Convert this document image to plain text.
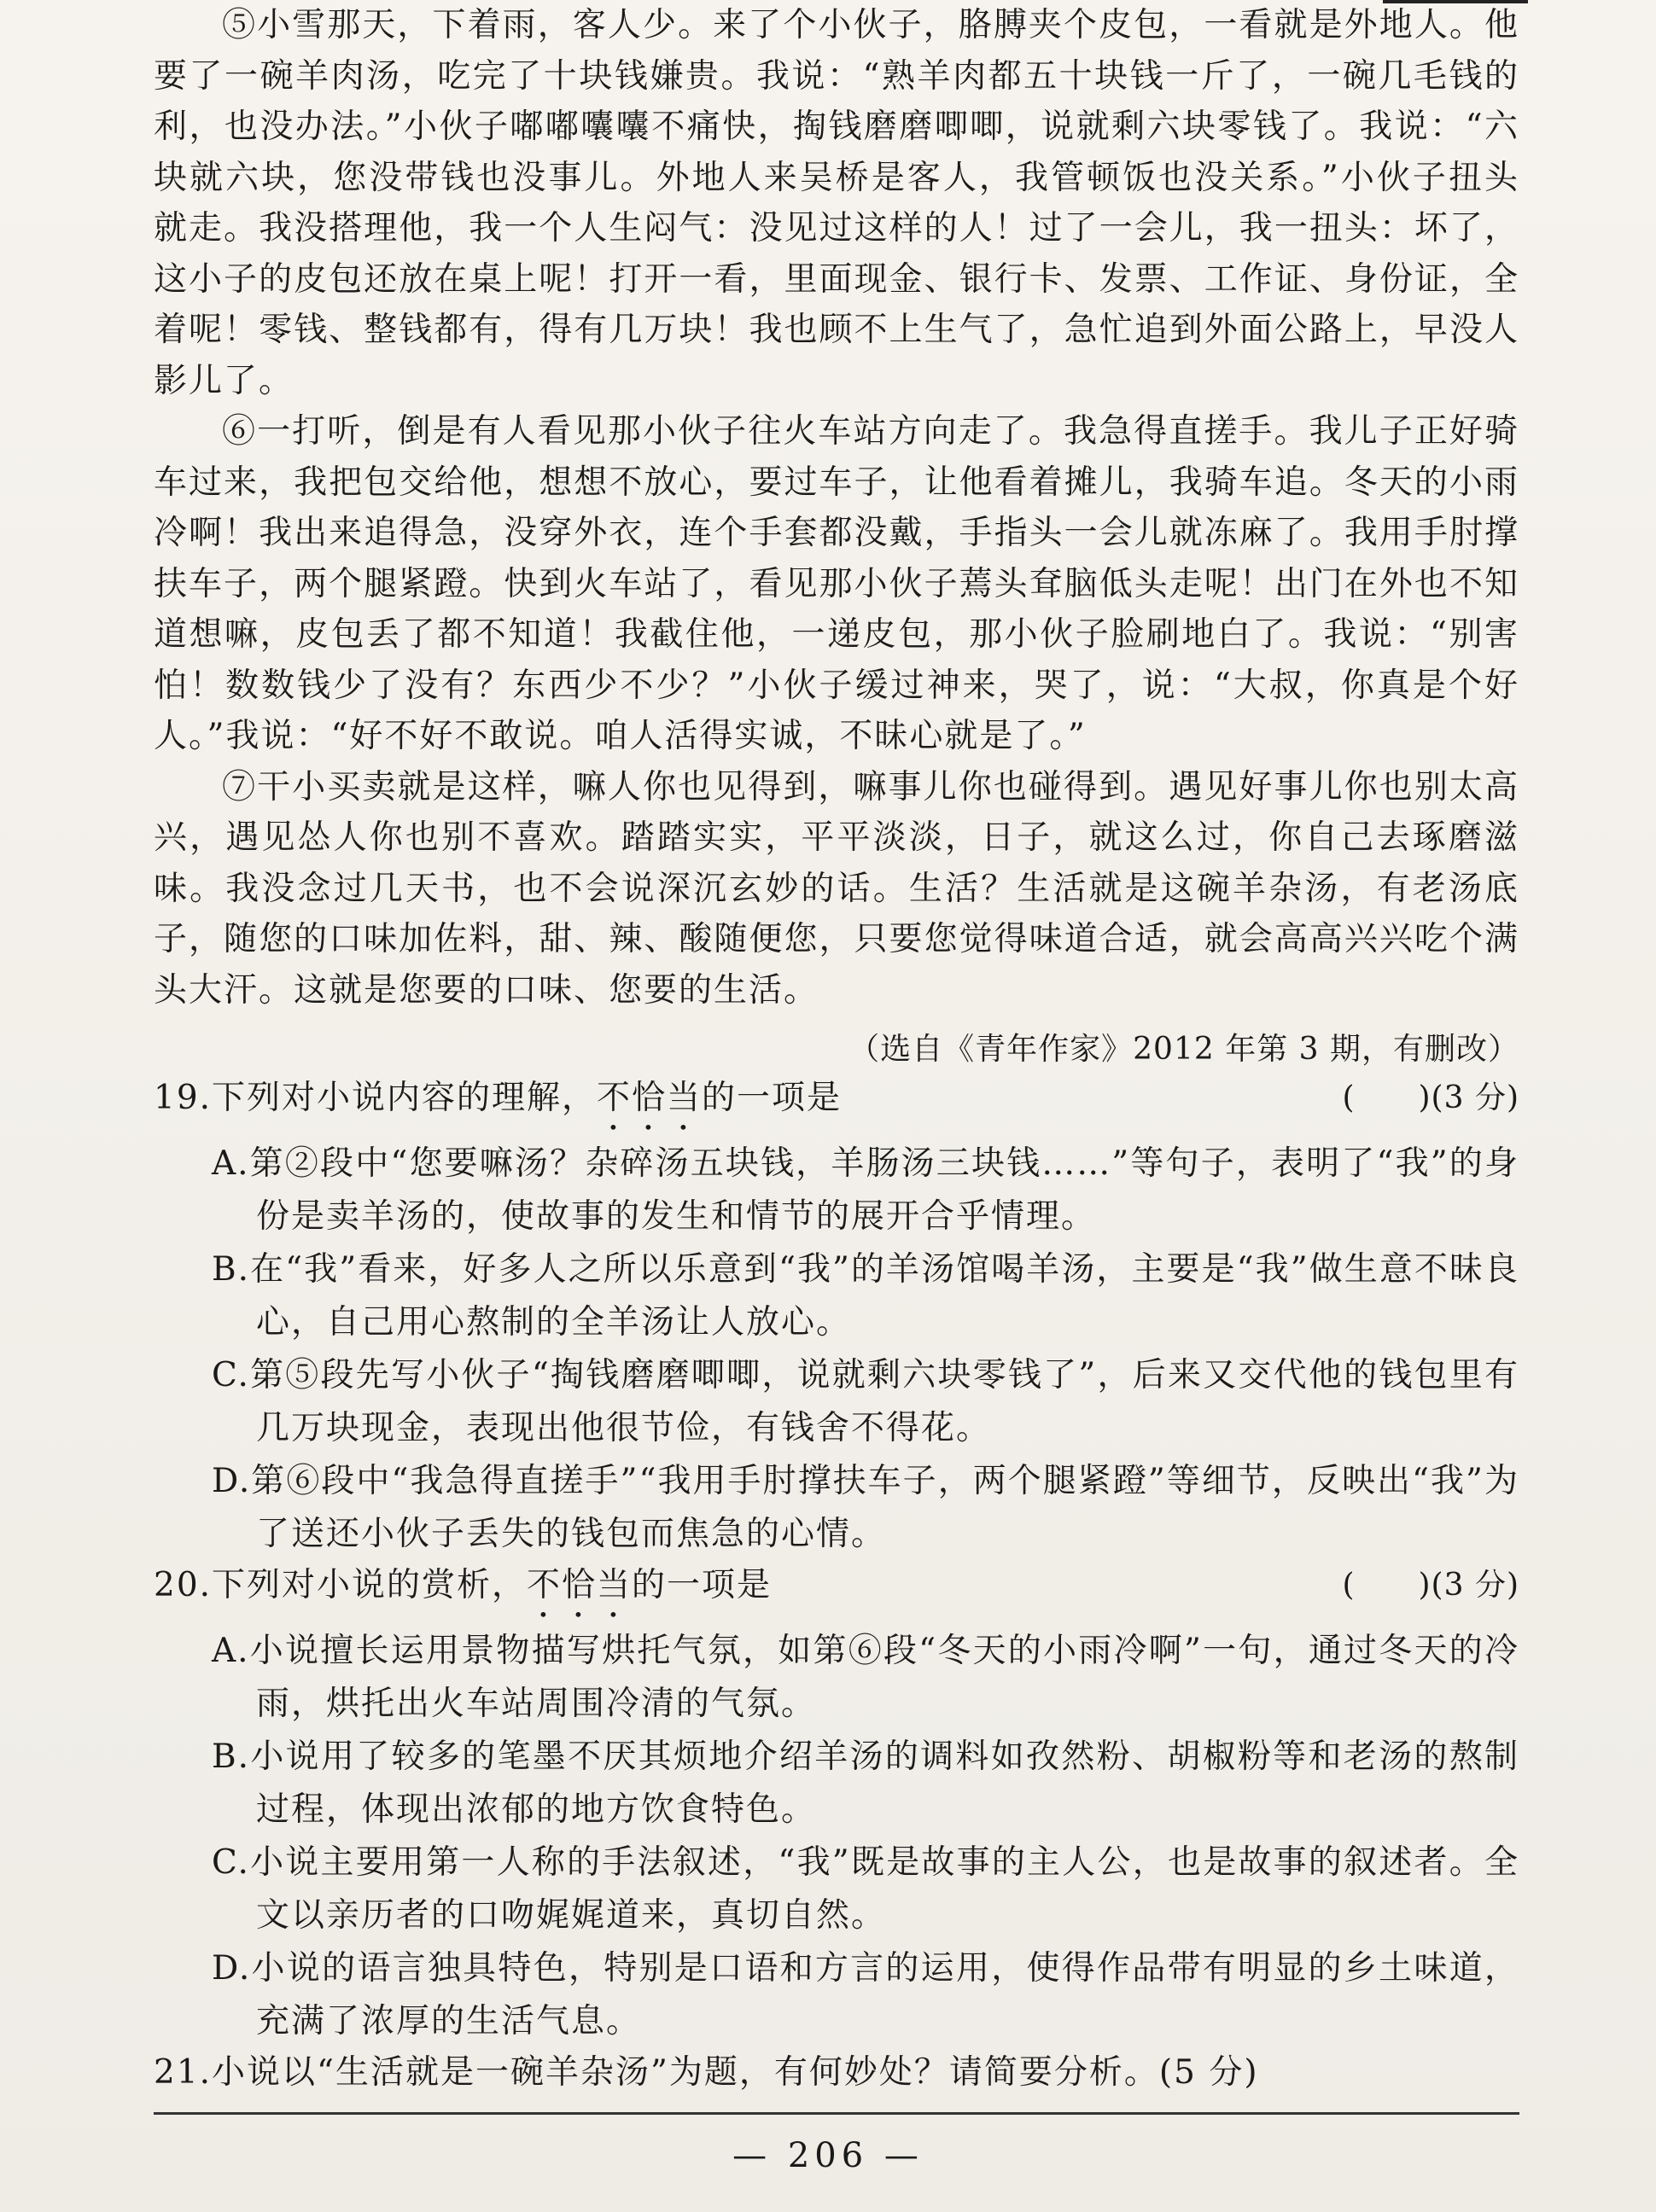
⑤小雪那天，下着雨，客人少。来了个小伙子，胳膊夹个皮包，一看就是外地人。他要了一碗羊肉汤，吃完了十块钱嫌贵。我说：“熟羊肉都五十块钱一斤了，一碗几毛钱的利，也没办法。”小伙子嘟嘟囔囔不痛快，掏钱磨磨唧唧，说就剩六块零钱了。我说：“六块就六块，您没带钱也没事儿。外地人来吴桥是客人，我管顿饭也没关系。”小伙子扭头就走。我没搭理他，我一个人生闷气：没见过这样的人！过了一会儿，我一扭头：坏了，这小子的皮包还放在桌上呢！打开一看，里面现金、银行卡、发票、工作证、身份证，全着呢！零钱、整钱都有，得有几万块！我也顾不上生气了，急忙追到外面公路上，早没人影儿了。

⑥一打听，倒是有人看见那小伙子往火车站方向走了。我急得直搓手。我儿子正好骑车过来，我把包交给他，想想不放心，要过车子，让他看着摊儿，我骑车追。冬天的小雨冷啊！我出来追得急，没穿外衣，连个手套都没戴，手指头一会儿就冻麻了。我用手肘撑扶车子，两个腿紧蹬。快到火车站了，看见那小伙子蔫头耷脑低头走呢！出门在外也不知道想嘛，皮包丢了都不知道！我截住他，一递皮包，那小伙子脸刷地白了。我说：“别害怕！数数钱少了没有？东西少不少？”小伙子缓过神来，哭了，说：“大叔，你真是个好人。”我说：“好不好不敢说。咱人活得实诚，不昧心就是了。”

⑦干小买卖就是这样，嘛人你也见得到，嘛事儿你也碰得到。遇见好事儿你也别太高兴，遇见怂人你也别不喜欢。踏踏实实，平平淡淡，日子，就这么过，你自己去琢磨滋味。我没念过几天书，也不会说深沉玄妙的话。生活？生活就是这碗羊杂汤，有老汤底子，随您的口味加佐料，甜、辣、酸随便您，只要您觉得味道合适，就会高高兴兴吃个满头大汗。这就是您要的口味、您要的生活。

（选自《青年作家》2012 年第 3 期，有删改）

19.下列对小说内容的理解，不恰当的一项是	(　　)(3 分)

A.第②段中“您要嘛汤？杂碎汤五块钱，羊肠汤三块钱……”等句子，表明了“我”的身份是卖羊汤的，使故事的发生和情节的展开合乎情理。

B.在“我”看来，好多人之所以乐意到“我”的羊汤馆喝羊汤，主要是“我”做生意不昧良心，自己用心熬制的全羊汤让人放心。

C.第⑤段先写小伙子“掏钱磨磨唧唧，说就剩六块零钱了”，后来又交代他的钱包里有几万块现金，表现出他很节俭，有钱舍不得花。

D.第⑥段中“我急得直搓手”“我用手肘撑扶车子，两个腿紧蹬”等细节，反映出“我”为了送还小伙子丢失的钱包而焦急的心情。

20.下列对小说的赏析，不恰当的一项是	(　　)(3 分)

A.小说擅长运用景物描写烘托气氛，如第⑥段“冬天的小雨冷啊”一句，通过冬天的冷雨，烘托出火车站周围冷清的气氛。

B.小说用了较多的笔墨不厌其烦地介绍羊汤的调料如孜然粉、胡椒粉等和老汤的熬制过程，体现出浓郁的地方饮食特色。

C.小说主要用第一人称的手法叙述，“我”既是故事的主人公，也是故事的叙述者。全文以亲历者的口吻娓娓道来，真切自然。

D.小说的语言独具特色，特别是口语和方言的运用，使得作品带有明显的乡土味道，充满了浓厚的生活气息。

21.小说以“生活就是一碗羊杂汤”为题，有何妙处？请简要分析。(5 分)

— 206 —
